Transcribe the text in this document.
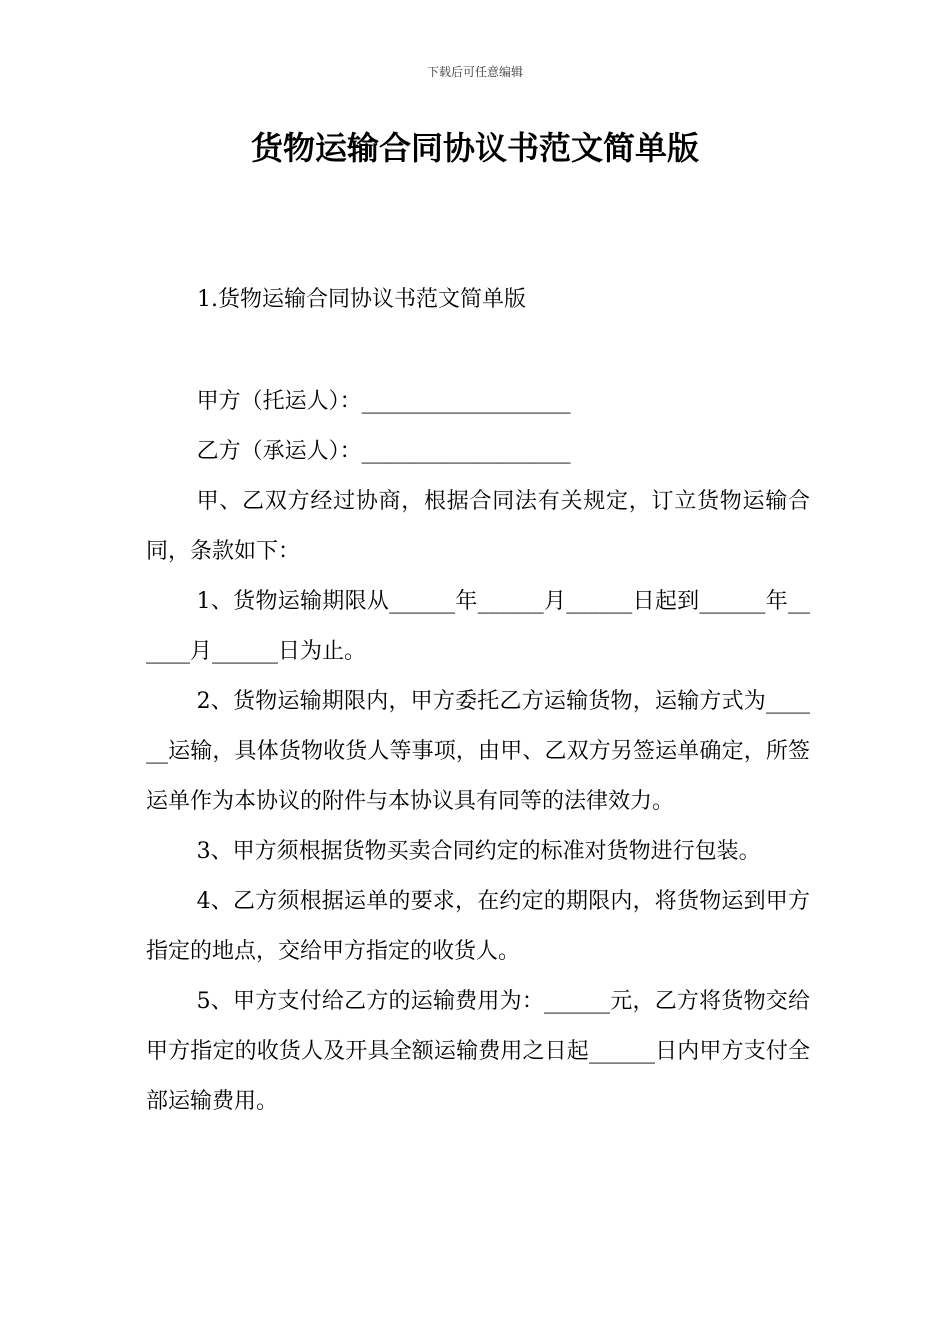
下载后可任意编辑
货物运输合同协议书范文简单版
1.货物运输合同协议书范文简单版

甲方（托运人）：___________________

乙方（承运人）：___________________

甲、乙双方经过协商，根据合同法有关规定，订立货物运输合同，条款如下：

1、货物运输期限从______年______月______日起到______年______月______日为止。

2、货物运输期限内，甲方委托乙方运输货物，运输方式为______运输，具体货物收货人等事项，由甲、乙双方另签运单确定，所签运单作为本协议的附件与本协议具有同等的法律效力。

3、甲方须根据货物买卖合同约定的标准对货物进行包装。

4、乙方须根据运单的要求，在约定的期限内，将货物运到甲方指定的地点，交给甲方指定的收货人。

5、甲方支付给乙方的运输费用为：______元，乙方将货物交给甲方指定的收货人及开具全额运输费用之日起______日内甲方支付全部运输费用。
